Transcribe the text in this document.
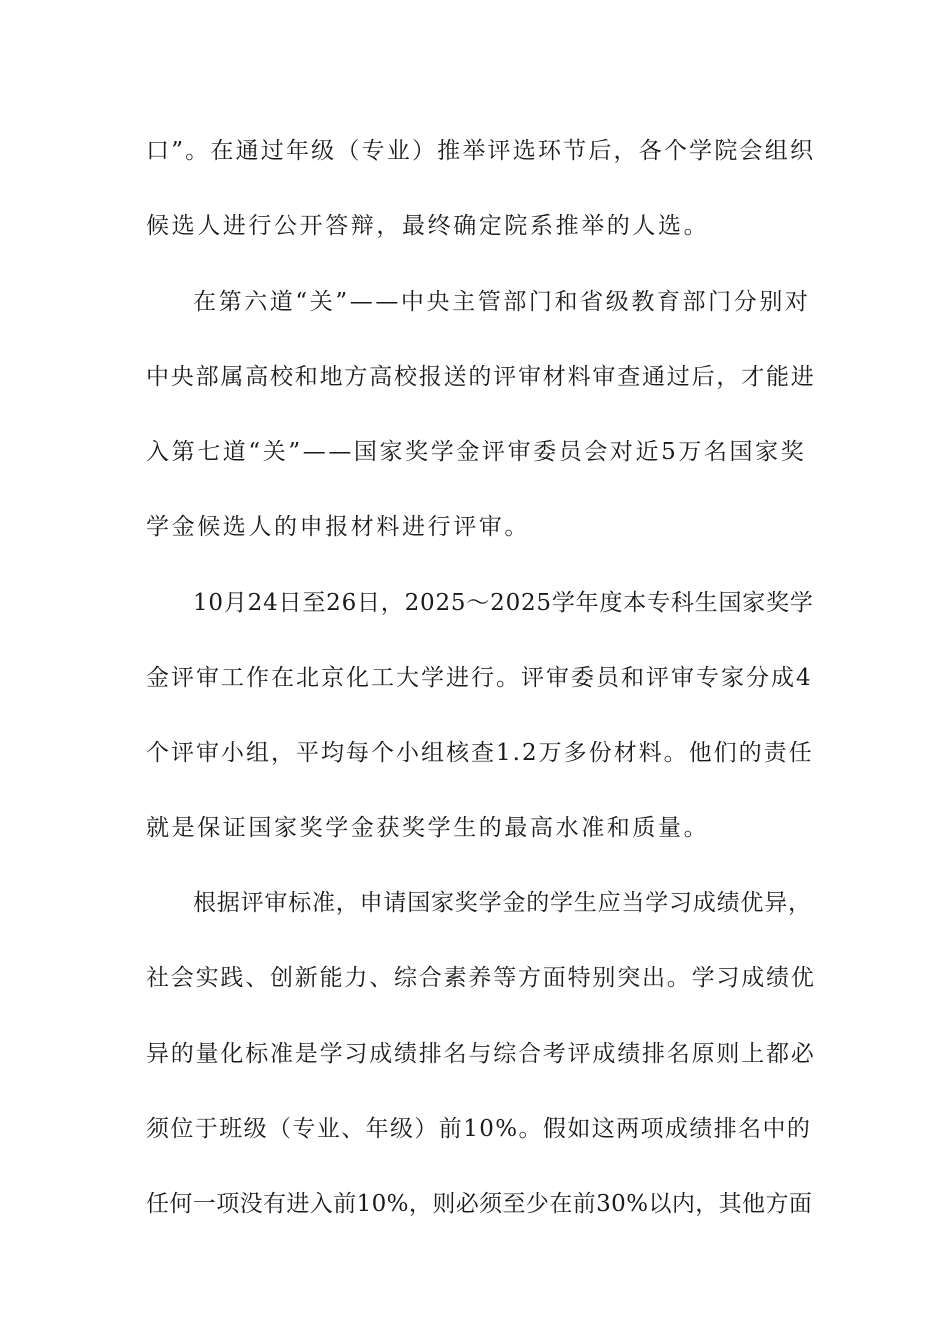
口”。在通过年级（专业）推举评选环节后，各个学院会组织
候选人进行公开答辩，最终确定院系推举的人选。
在第六道“关”——中央主管部门和省级教育部门分别对
中央部属高校和地方高校报送的评审材料审查通过后，才能进
入第七道“关”——国家奖学金评审委员会对近5万名国家奖
学金候选人的申报材料进行评审。
10月24日至26日，2025～2025学年度本专科生国家奖学
金评审工作在北京化工大学进行。评审委员和评审专家分成4
个评审小组，平均每个小组核查1.2万多份材料。他们的责任
就是保证国家奖学金获奖学生的最高水准和质量。
根据评审标准，申请国家奖学金的学生应当学习成绩优异，
社会实践、创新能力、综合素养等方面特别突出。学习成绩优
异的量化标准是学习成绩排名与综合考评成绩排名原则上都必
须位于班级（专业、年级）前10%。假如这两项成绩排名中的
任何一项没有进入前10%，则必须至少在前30%以内，其他方面
